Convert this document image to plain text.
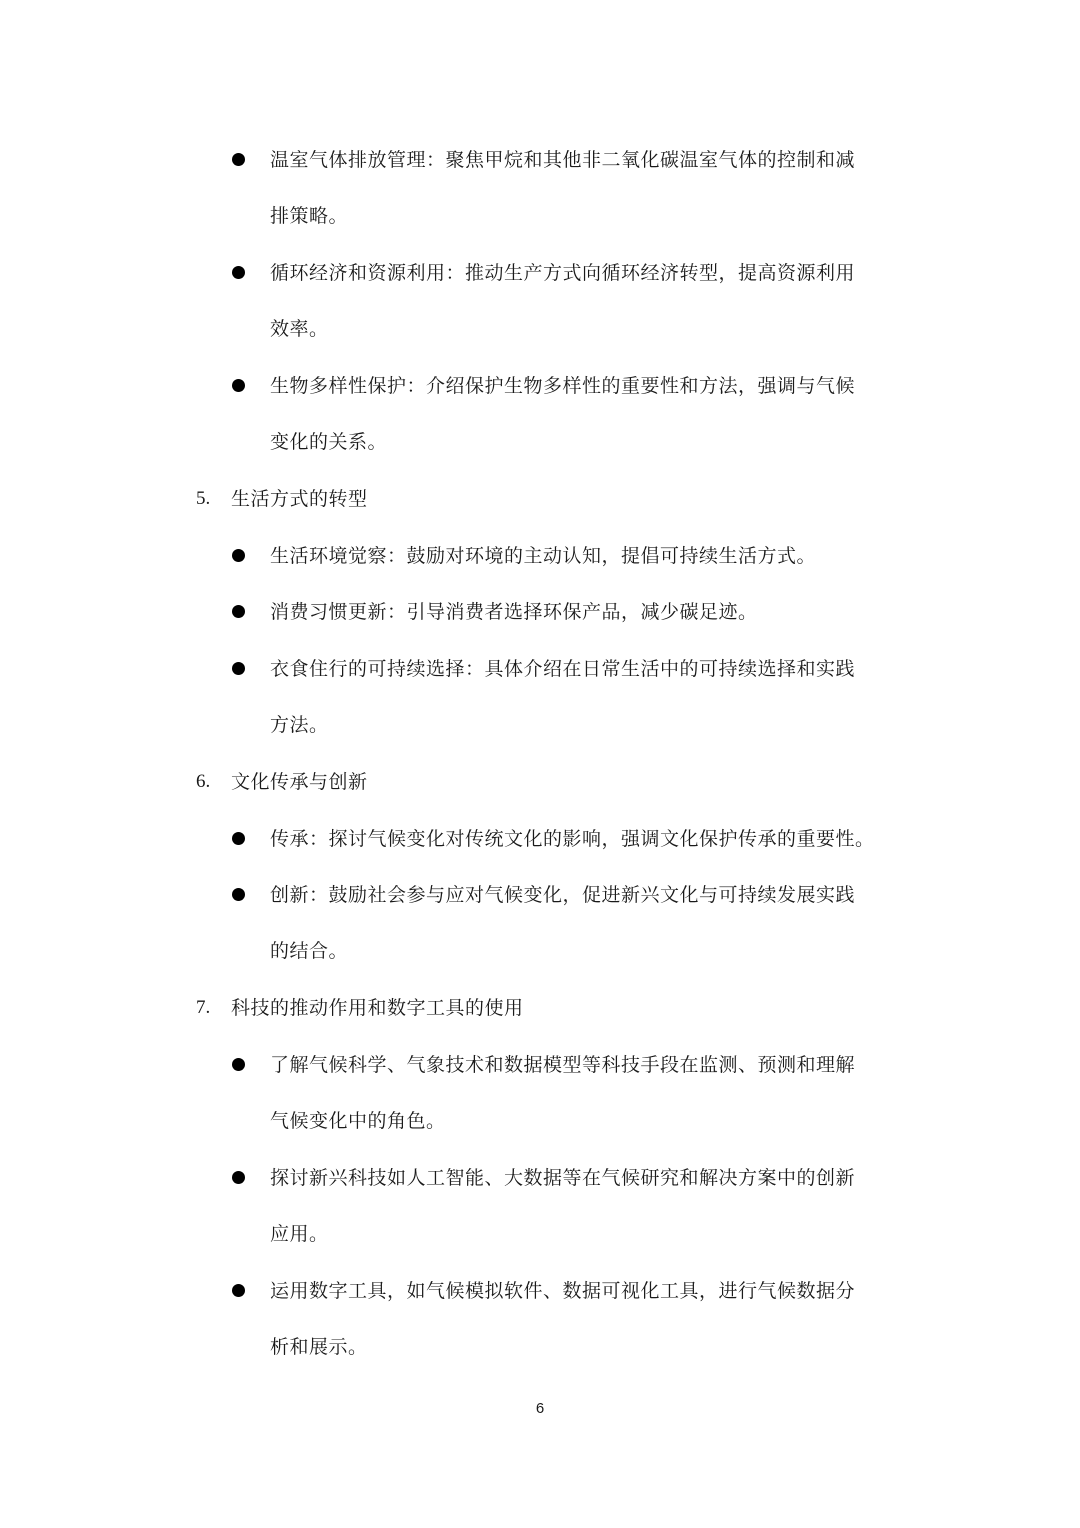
温室气体排放管理：聚焦甲烷和其他非二氧化碳温室气体的控制和减
排策略。
循环经济和资源利用：推动生产方式向循环经济转型，提高资源利用
效率。
生物多样性保护：介绍保护生物多样性的重要性和方法，强调与气候
变化的关系。
5. 生活方式的转型
生活环境觉察：鼓励对环境的主动认知，提倡可持续生活方式。
消费习惯更新：引导消费者选择环保产品，减少碳足迹。
衣食住行的可持续选择：具体介绍在日常生活中的可持续选择和实践
方法。
6. 文化传承与创新
传承：探讨气候变化对传统文化的影响，强调文化保护传承的重要性。
创新：鼓励社会参与应对气候变化，促进新兴文化与可持续发展实践
的结合。
7. 科技的推动作用和数字工具的使用
了解气候科学、气象技术和数据模型等科技手段在监测、预测和理解
气候变化中的角色。
探讨新兴科技如人工智能、大数据等在气候研究和解决方案中的创新
应用。
运用数字工具，如气候模拟软件、数据可视化工具，进行气候数据分
析和展示。
6
